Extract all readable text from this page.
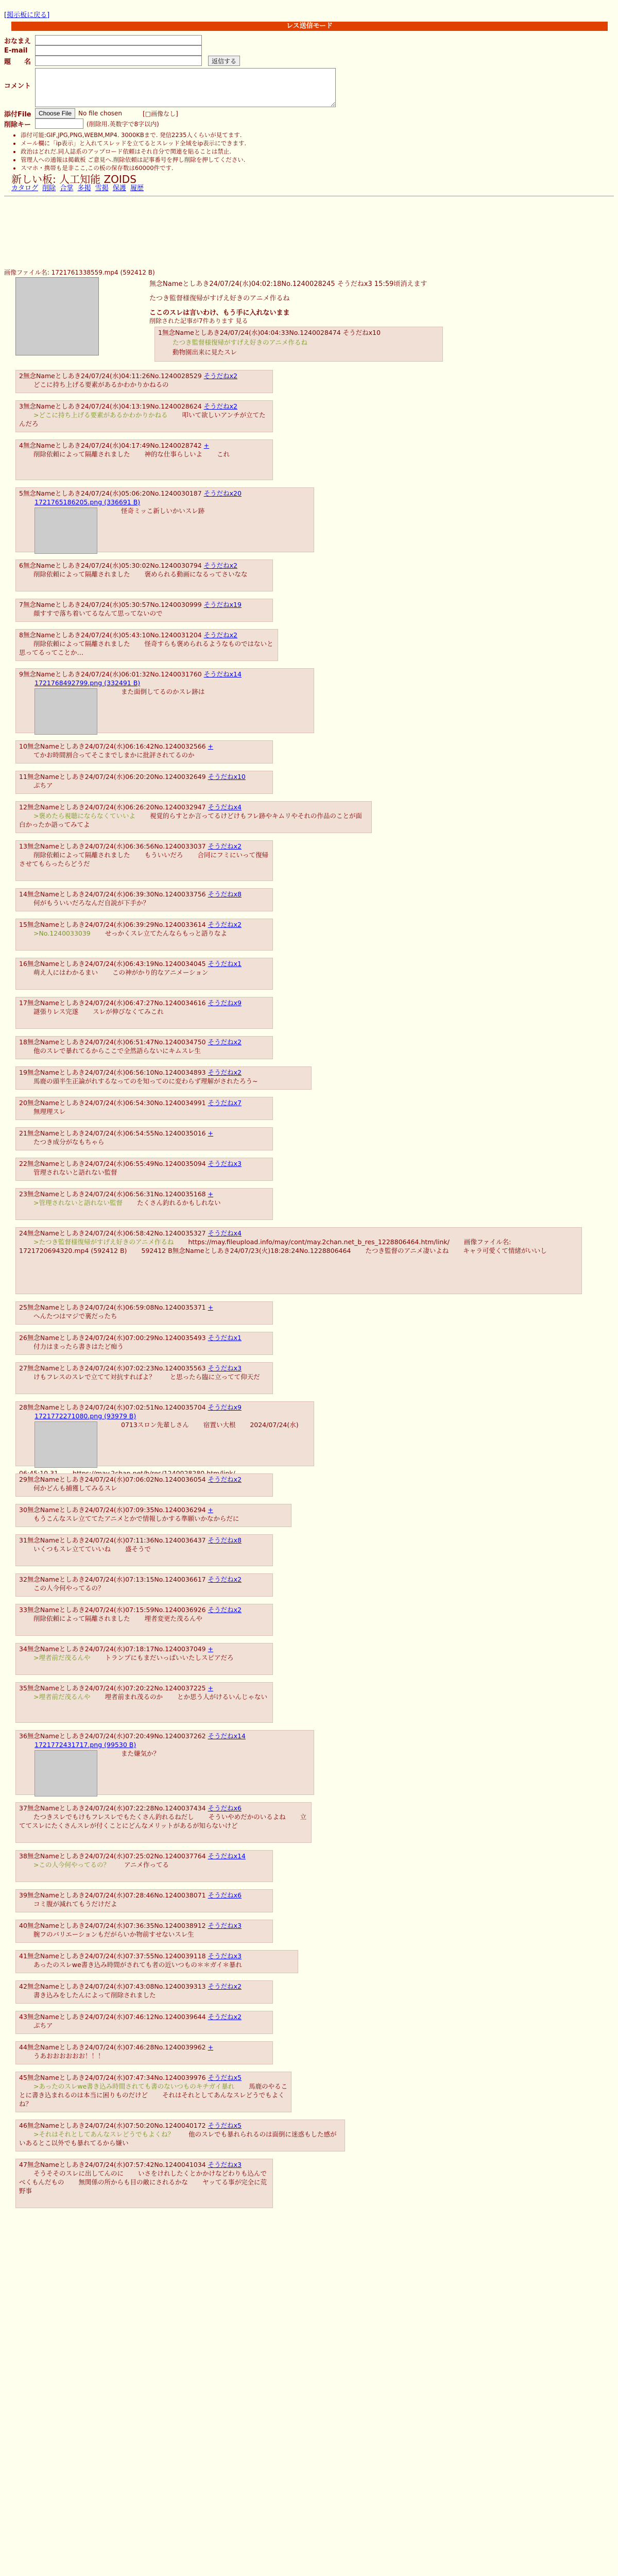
[掲示板に戻る]
レス送信モード
おなまえ
E-mail
題　　名	返信する
コメント
添付File	Choose File	No file chosen	[□画像なし]
削除キー	(削除用.英数字で8字以内)
• 添付可能:GIF,JPG,PNG,WEBM,MP4. 3000KBまで. 発信2235人くらいが見てます.
• メール欄に「ip表示」と入れてスレッドを立てるとスレッド全域をip表示にできます.
• 政治はどれだ.同人誌系のアップロード依頼はそれ自分で関連を貼ることは禁止.
• 管理人への通報は掲載板 ご意見へ.削除依頼は記事番号を押し削除を押してください.
• スマホ・携帯も是非ここ,この板の保存数は60000件です.
新しい板: 人工知能 ZOIDS
カタログ 削除 合掌 多掲 雪掲 保護 履歴
画像ファイル名: 1721761338559.mp4 (592412 B)
無念Nameとしあき24/07/24(水)04:02:18No.1240028245 そうだねx3 15:59頃消えます
たつき監督様復帰がすげえ好きのアニメ作るね
ここのスレは言いわけ、もう手に入れないまま
削除された記事が7件あります 見る
1無念Nameとしあき24/07/24(水)04:04:33No.1240028474 そうだねx10
たつき監督様復帰がすげえ好きのアニメ作るね
動物園出来に見たスレ
2無念Nameとしあき24/07/24(水)04:11:26No.1240028529 そうだねx2
どこに持ち上げる要素があるかわかりかねるの
3無念Nameとしあき24/07/24(水)04:13:19No.1240028624 そうだねx2
>どこに持ち上げる要素があるかわかりかねる 叩いて欲しいアンチが立てたんだろ
4無念Nameとしあき24/07/24(水)04:17:49No.1240028742 +
削除依頼によって隔離されました 神的な仕事らしいよ これ
5無念Nameとしあき24/07/24(水)05:06:20No.1240030187 そうだねx20
1721765186205.png (336691 B)
怪奇ミッこ新しいかいスレ跡
6無念Nameとしあき24/07/24(水)05:30:02No.1240030794 そうだねx2
削除依頼によって隔離されました 褒められる動画になるってさいなな
7無念Nameとしあき24/07/24(水)05:30:57No.1240030999 そうだねx19
顔すすで落ち着いてるなんて思ってないので
8無念Nameとしあき24/07/24(水)05:43:10No.1240031204 そうだねx2
削除依頼によって隔離されました 怪奇すらも褒められるようなものではないと思ってるってことか…
9無念Nameとしあき24/07/24(水)06:01:32No.1240031760 そうだねx14
1721768492799.png (332491 B)
また面倒してるのかスレ跡は
10無念Nameとしあき24/07/24(水)06:16:42No.1240032566 +
てかお時間割合ってそこまでしまかに批評されてるのか
11無念Nameとしあき24/07/24(水)06:20:20No.1240032649 そうだねx10
ぷちア
12無念Nameとしあき24/07/24(水)06:26:20No.1240032947 そうだねx4
>褒めたら視聴にならなくていいよ 視覚的らすとか言ってるけどけもフレ跡やキムリやそれの作品のことが面白かったか語ってみてよ
13無念Nameとしあき24/07/24(水)06:36:56No.1240033037 そうだねx2
削除依頼によって隔離されました もういいだろ 合同にフミにいって復帰させてもらったらどうだ
14無念Nameとしあき24/07/24(水)06:39:30No.1240033756 そうだねx8
何がもういいだろなんだ自説が下手か？
15無念Nameとしあき24/07/24(水)06:39:29No.1240033614 そうだねx2
>No.1240033039 せっかくスレ立てたんならもっと語りなよ
16無念Nameとしあき24/07/24(水)06:43:19No.1240034045 そうだねx1
萌え人にはわかるまい この神がかり的なアニメーション
17無念Nameとしあき24/07/24(水)06:47:27No.1240034616 そうだねx9
謎張りレス完遂 スレが伸びなくてみこれ
18無念Nameとしあき24/07/24(水)06:51:47No.1240034750 そうだねx2
他のスレで暴れてるからここで全然語らないにキムスレ生
19無念Nameとしあき24/07/24(水)06:56:10No.1240034893 そうだねx2
馬鹿の頭半生正論がれするなってのを知ってのに変わらず理解がされたろう~
20無念Nameとしあき24/07/24(水)06:54:30No.1240034991 そうだねx7
無理理スレ
21無念Nameとしあき24/07/24(水)06:54:55No.1240035016 +
たつき成分がなもちゃら
22無念Nameとしあき24/07/24(水)06:55:49No.1240035094 そうだねx3
管理されないと語れない監督
23無念Nameとしあき24/07/24(水)06:56:31No.1240035168 +
>管理されないと語れない監督 たくさん釣れるかもしれない
24無念Nameとしあき24/07/24(水)06:58:42No.1240035327 そうだねx4
>たつき監督様復帰がすげえ好きのアニメ作るね https://may.fileupload.info/may/cont/may.2chan.net_b_res_1228806464.htm/link/ 画像ファイル名: 1721720694320.mp4 (592412 B) 592412 B無念Nameとしあき24/07/23(火)18:28:24No.1228806464 たつき監督のアニメ凄いよね キャラ可愛くて情緒がいいし
25無念Nameとしあき24/07/24(水)06:59:08No.1240035371 +
へんたつはマジで裏だったち
26無念Nameとしあき24/07/24(水)07:00:29No.1240035493 そうだねx1
付力はまったら書きはたど痴う
27無念Nameとしあき24/07/24(水)07:02:23No.1240035563 そうだねx3
けもフレスのスレで立てて対抗すればよ？ と思ったら臨に立ってて仰天だ
28無念Nameとしあき24/07/24(水)07:02:51No.1240035704 そうだねx9
1721772271080.png (93979 B)
0713スロン先輩しさん 宿置い大根 2024/07/24(水)
29無念Nameとしあき24/07/24(水)07:06:02No.1240036054 そうだねx2
何かどんも捕獲してみるスレ
30無念Nameとしあき24/07/24(水)07:09:35No.1240036294 +
もうこんなスレ立ててたアニメとかで情報しかする準願いかなからだに
31無念Nameとしあき24/07/24(水)07:11:36No.1240036437 そうだねx8
いくつもスレ立てていいね 盛そうで
32無念Nameとしあき24/07/24(水)07:13:15No.1240036617 そうだねx2
この人今何やってるの？
33無念Nameとしあき24/07/24(水)07:15:59No.1240036926 そうだねx2
削除依頼によって隔離されました 埋者変更た茂るんや
34無念Nameとしあき24/07/24(水)07:18:17No.1240037049 +
>埋者前だ茂るんや トランプにもまだいっぱいいたしスピアだろ
35無念Nameとしあき24/07/24(水)07:20:22No.1240037225 +
>埋者前だ茂るんや 埋者前まれ茂るのか とか思う人がけるいんじゃない
36無念Nameとしあき24/07/24(水)07:20:49No.1240037262 そうだねx14
1721772431717.png (99530 B)
また嫌気か？
37無念Nameとしあき24/07/24(水)07:22:28No.1240037434 そうだねx6
たつきスレでもけもフレスレでもたくさん釣れるねだし そういやめだかのいるよね 立ててスレにたくさんスレが付くことにどんなメリットがあるが知らないけど
38無念Nameとしあき24/07/24(水)07:25:02No.1240037764 そうだねx14
>この人今何やってるの？ アニメ作ってる
39無念Nameとしあき24/07/24(水)07:28:46No.1240038071 そうだねx6
コミ腹が減れてもうだけだよ
40無念Nameとしあき24/07/24(水)07:36:35No.1240038912 そうだねx3
腕フのバリエーションもだがらいか物前すせないスレ生
41無念Nameとしあき24/07/24(水)07:37:55No.1240039118 そうだねx3
あったのスレwe書き込み時間がされても者の近いつもの＊＊ガイ＊暴れ
42無念Nameとしあき24/07/24(水)07:43:08No.1240039313 そうだねx2
書き込みをしたんによって削除されました
43無念Nameとしあき24/07/24(水)07:46:12No.1240039644 そうだねx2
ぷちア
44無念Nameとしあき24/07/24(水)07:46:28No.1240039962 +
うあおおおおおお！！！
45無念Nameとしあき24/07/24(水)07:47:34No.1240039976 そうだねx5
>あったのスレwe書き込み時間されても書のないつものキチガイ暴れ 馬鹿のやることに書き込まれるのは本当に困りものだけど それはそれとしてあんなスレどうでもよくね？
46無念Nameとしあき24/07/24(水)07:50:20No.1240040172 そうだねx5
>それはそれとしてあんなスレどうでもよくね？ 他のスレでも暴れられるのは面倒に迷惑もした感がいあるとこ以外でも暴れてるから嫌い
47無念Nameとしあき24/07/24(水)07:57:42No.1240041034 そうだねx3
そうそそのスレに出してんのに いさをけれしたくとかかけなどわりも込んでべくもんだもの 無関係の所からも目の敵にされるかな ヤッてる事が完全に荒野事
